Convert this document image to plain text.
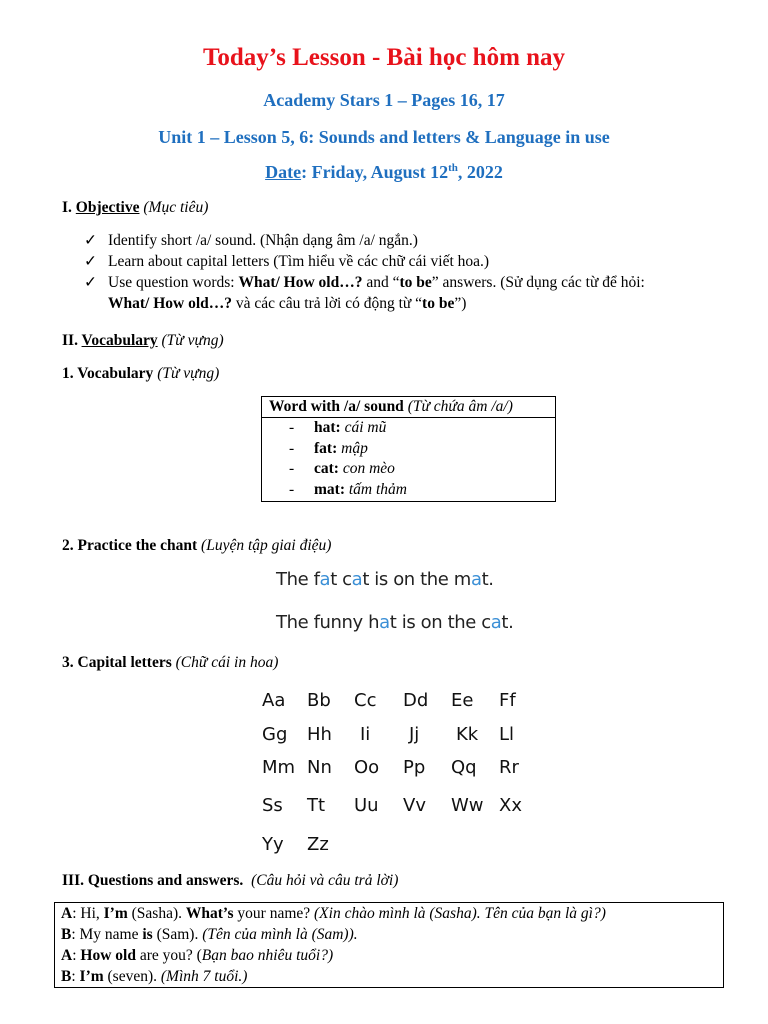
Today’s Lesson - Bài học hôm nay
Academy Stars 1 – Pages 16, 17
Unit 1 – Lesson 5, 6: Sounds and letters & Language in use
Date: Friday, August 12th, 2022
I. Objective (Mục tiêu)
✓ Identify short /a/ sound. (Nhận dạng âm /a/ ngắn.)
✓ Learn about capital letters (Tìm hiểu về các chữ cái viết hoa.)
✓ Use question words: What/ How old…? and “to be” answers. (Sử dụng các từ để hỏi:
What/ How old…? và các câu trả lời có động từ “to be”)
II. Vocabulary (Từ vựng)
1. Vocabulary (Từ vựng)
Word with /a/ sound (Từ chứa âm /a/)
- hat: cái mũ
- fat: mập
- cat: con mèo
- mat: tấm thảm
2. Practice the chant (Luyện tập giai điệu)
The fat cat is on the mat.
The funny hat is on the cat.
3. Capital letters (Chữ cái in hoa)
Aa Bb Cc Dd Ee Ff
Gg Hh Ii Jj Kk Ll
Mm Nn Oo Pp Qq Rr
Ss Tt Uu Vv Ww Xx
Yy Zz
III. Questions and answers. (Câu hỏi và câu trả lời)
A: Hi, I’m (Sasha). What’s your name? (Xin chào mình là (Sasha). Tên của bạn là gì?)
B: My name is (Sam). (Tên của mình là (Sam)).
A: How old are you? (Bạn bao nhiêu tuổi?)
B: I’m (seven). (Mình 7 tuổi.)
